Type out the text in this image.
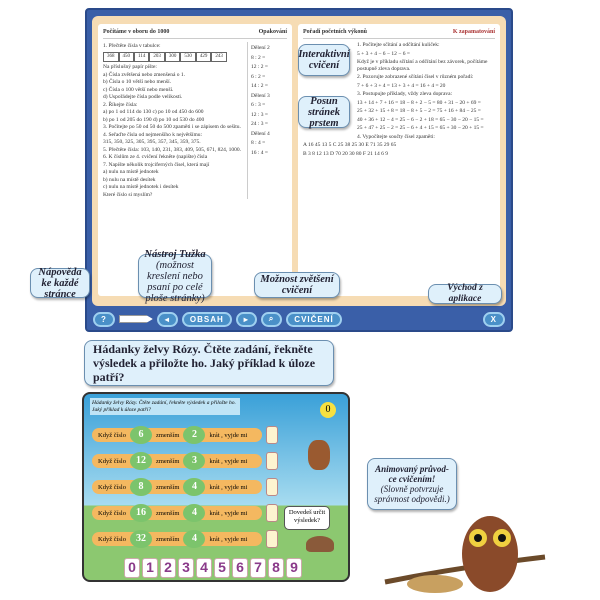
Počítáme v oboru do 1000	Opakování
1. Přečtěte čísla v tabulce:
368	450	114	203	300	530	429	243
Na příslušný papír pište:
a) Čísla zvětšená nebo zmenšená o 1.
b) Čísla o 10 větší nebo menší.
c) Čísla o 100 větší nebo menší.
d) Uspořádejte čísla podle velikosti.
2. Říkejte čísla:
a) po 1 od 114 do 130 c) po 10 od 450 do 600
b) po 1 od 205 do 190 d) po 10 od 530 do 400
3. Počítejte po 50 od 50 do 500 zpaměti i se zápisem do sešitu.
4. Seřaďte čísla od nejmenšího k největšímu:
315, 350, 325, 305, 395, 357, 345, 359, 375.
5. Přečtěte čísla: 103, 140, 231, 383, 409, 505, 671, 824, 1000.
6. K číslům ze 4. cvičení řekněte (napište) čísla
7. Napište několik trojciferných čísel, která mají
a) nulu na místě jednotek
b) nulu na místě desítek
c) nulu na místě jednotek i desítek
Které číslo si myslím?
Dělení 2
8 : 2 =
12 : 2 =
6 : 2 =
14 : 2 =
Dělení 3
6 : 3 =
12 : 3 =
24 : 3 =
Dělení 4
8 : 4 =
16 : 4 =
Pořadí početních výkonů	K zapamatování
1. Počítejte sčítání a odčítání kuliček:
5 + 3 + 4 − 6 − 12 − 6 =
Když je v příkladu sčítání a odčítání bez závorek, počítáme postupně zleva doprava.
2. Pozorujte zobrazené sčítání čísel v různém pořadí:
7 + 6 + 3 + 4 = 13 + 3 + 4 = 16 + 4 = 20
3. Postupujte příklady, vždy zleva doprava:
13 + 14 + 7 + 16 = 18 − 8 + 2 − 5 = 80 + 31 − 20 + 69 =
25 + 32 + 15 + 8 = 18 − 8 + 5 − 2 = 75 + 16 + 84 − 25 =
40 + 36 + 12 − 4 = 25 − 6 − 2 + 18 = 65 − 30 − 20 − 15 =
25 + 47 + 25 − 2 = 25 − 6 + 4 + 15 = 65 + 30 − 20 + 15 =
4. Vypočítejte součty čísel zpaměti:
A 16 45 13 5 C 25 38 25 30 E 71 35 29 65
B 3 8 12 13 D 70 20 30 80 F 21 14 6 9
?	◂	OBSAH	▸	⌕	CVIČENÍ	X
Interaktivní cvičení
Posun stránek prstem
Nápověda ke každé stránce
Nástroj Tužka
(možnost kreslení nebo psaní po celé ploše stránky)
Možnost zvětšení cvičení	Východ z aplikace
Hádanky želvy Rózy. Čtěte zadání, řekněte výsledek a přiložte ho. Jaký příklad k úloze patří?
Hádanky želvy Rózy. Čtěte zadání, řekněte výsledek a přiložte ho. Jaký příklad k úloze patří?	0
Když číslo	6	zmenším	2	krát , vyjde mi
Když číslo	12	zmenším	3	krát , vyjde mi
Když číslo	8	zmenším	4	krát , vyjde mi
Když číslo	16	zmenším	4	krát , vyjde mi
Když číslo	32	zmenším	4	krát , vyjde mi
Dovedeš určit výsledek?
0 1 2 3 4 5 6 7 8 9
Animovaný průvod-ce cvičením!
(Slovně potvrzuje správnost odpovědi.)
